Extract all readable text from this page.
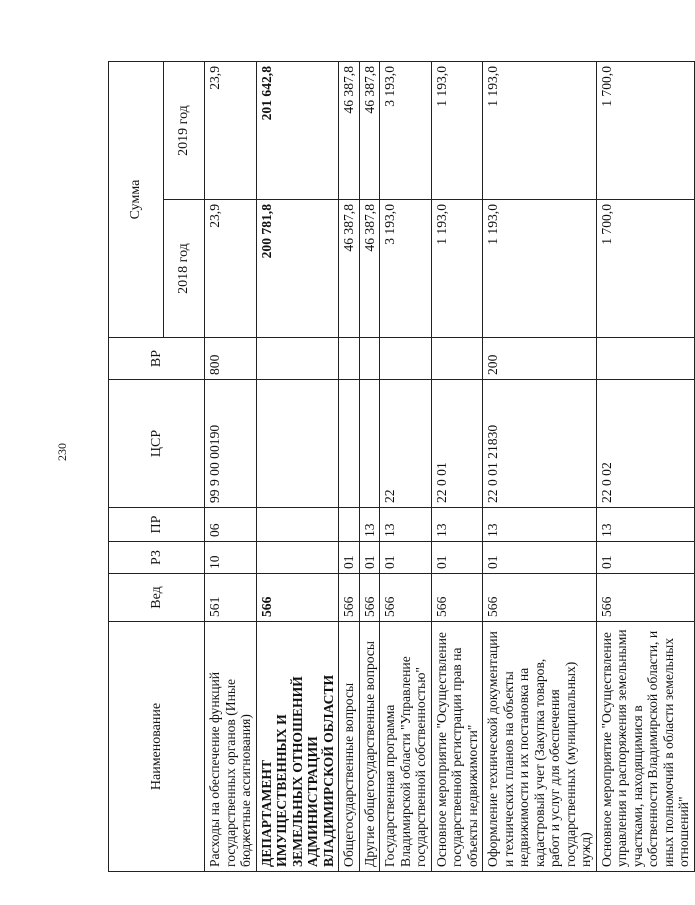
230
Наименование	Вед	РЗ	ПР	ЦСР	ВР	Сумма	
						2018 год	2019 год
Расходы на обеспечение функций государственных органов (Иные бюджетные ассигнования)	561	10	06	99 9 00 00190	800	23,9	23,9
ДЕПАРТАМЕНТ ИМУЩЕСТВЕННЫХ И ЗЕМЕЛЬНЫХ ОТНОШЕНИЙ АДМИНИСТРАЦИИ ВЛАДИМИРСКОЙ ОБЛАСТИ	566					200 781,8	201 642,8
Общегосударственные вопросы	566	01				46 387,8	46 387,8
Другие общегосударственные вопросы	566	01	13			46 387,8	46 387,8
Государственная программа Владимирской области "Управление государственной собственностью"	566	01	13	22		3 193,0	3 193,0
Основное мероприятие "Осуществление государственной регистрации прав на объекты недвижимости"	566	01	13	22 0 01		1 193,0	1 193,0
Оформление технической документации и технических планов на объекты недвижимости и их постановка на кадастровый учет (Закупка товаров, работ и услуг для обеспечения государственных (муниципальных) нужд)	566	01	13	22 0 01 21830	200	1 193,0	1 193,0
Основное мероприятие "Осуществление управления и распоряжения земельными участками, находящимися в собственности Владимирской области, и иных полномочий в области земельных отношений"	566	01	13	22 0 02		1 700,0	1 700,0
